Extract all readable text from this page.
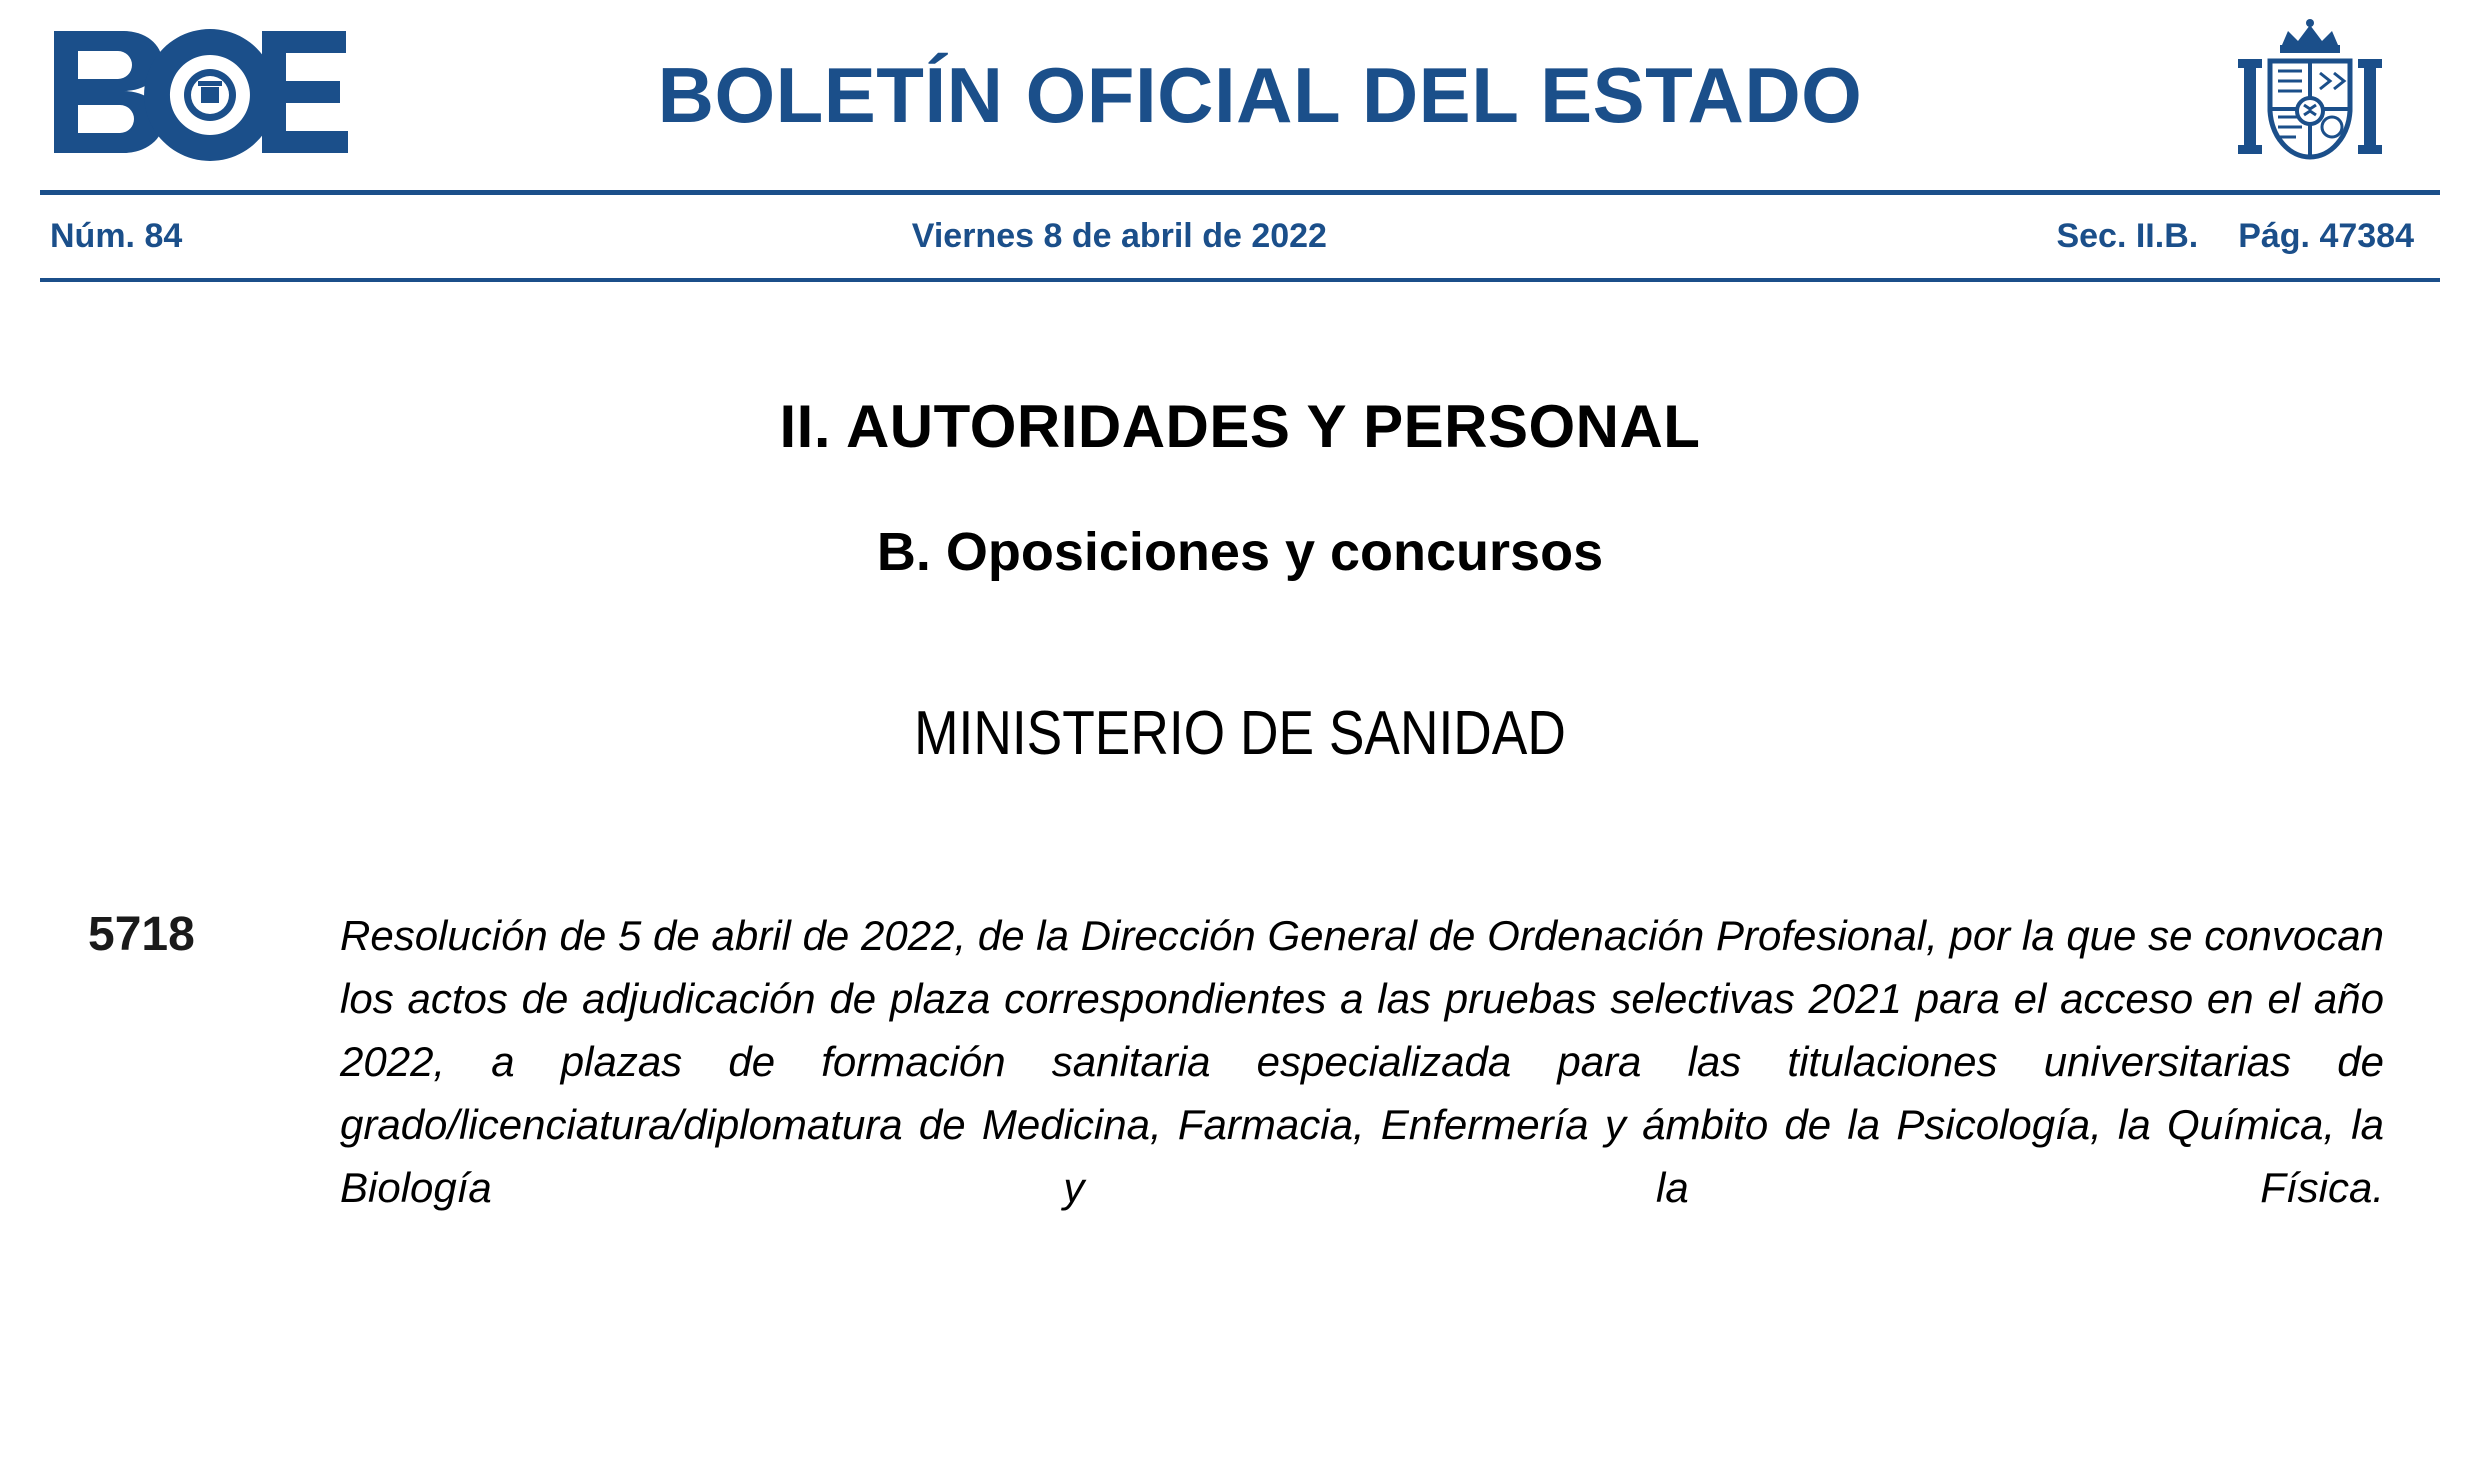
BOLETÍN OFICIAL DEL ESTADO
Núm. 84	Viernes 8 de abril de 2022	Sec. II.B. Pág. 47384
II. AUTORIDADES Y PERSONAL
B. Oposiciones y concursos
MINISTERIO DE SANIDAD
5718	Resolución de 5 de abril de 2022, de la Dirección General de Ordenación Profesional, por la que se convocan los actos de adjudicación de plaza correspondientes a las pruebas selectivas 2021 para el acceso en el año 2022, a plazas de formación sanitaria especializada para las titulaciones universitarias de grado/licenciatura/diplomatura de Medicina, Farmacia, Enfermería y ámbito de la Psicología, la Química, la Biología y la Física.
